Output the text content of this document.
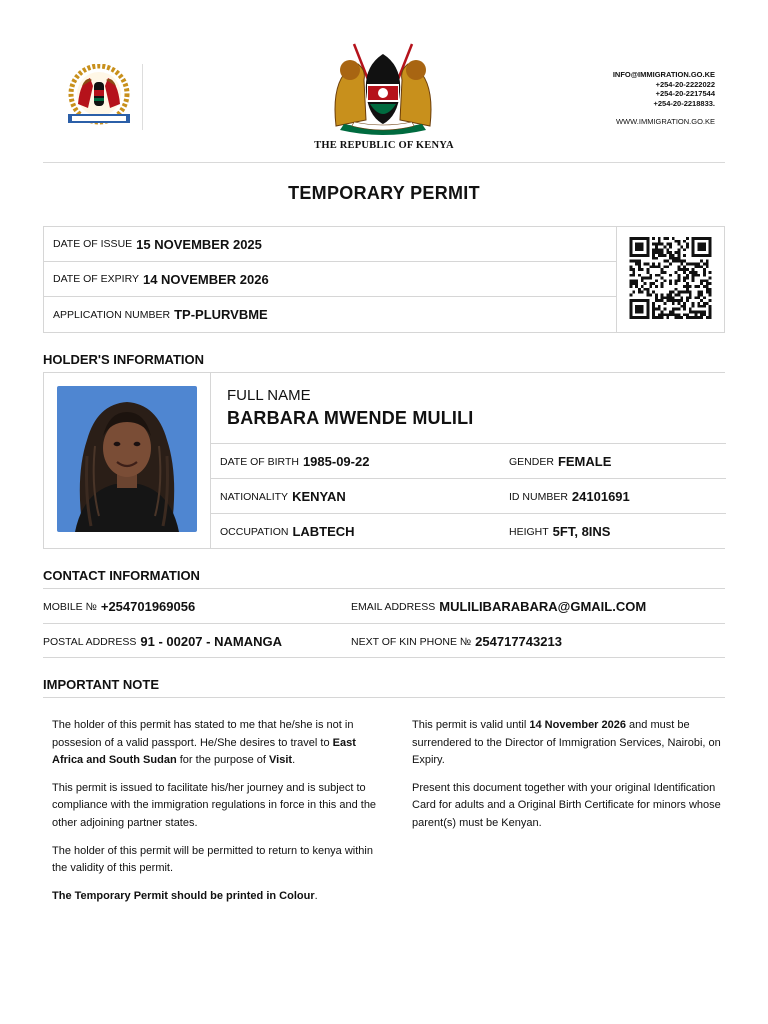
THE REPUBLIC OF KENYA
INFO@IMMIGRATION.GO.KE
+254-20-2222022
+254-20-2217544
+254-20-2218833.
WWW.IMMIGRATION.GO.KE
TEMPORARY PERMIT
DATE OF ISSUE 15 NOVEMBER 2025
DATE OF EXPIRY 14 NOVEMBER 2026
APPLICATION NUMBER TP-PLURVBME
HOLDER'S INFORMATION
FULL NAME
BARBARA MWENDE MULILI
DATE OF BIRTH 1985-09-22	GENDER FEMALE
NATIONALITY KENYAN	ID NUMBER 24101691
OCCUPATION LABTECH	HEIGHT 5FT, 8INS
CONTACT INFORMATION
MOBILE № +254701969056	EMAIL ADDRESS MULILIBARABARA@GMAIL.COM
POSTAL ADDRESS 91 - 00207 - NAMANGA	NEXT OF KIN PHONE № 254717743213
IMPORTANT NOTE

The holder of this permit has stated to me that he/she is not in possesion of a valid passport. He/She desires to travel to East Africa and South Sudan for the purpose of Visit.

This permit is issued to facilitate his/her journey and is subject to compliance with the immigration regulations in force in this and the other adjoining partner states.

The holder of this permit will be permitted to return to kenya within the validity of this permit.

The Temporary Permit should be printed in Colour.

This permit is valid until 14 November 2026 and must be surrendered to the Director of Immigration Services, Nairobi, on Expiry.

Present this document together with your original Identification Card for adults and a Original Birth Certificate for minors whose parent(s) must be Kenyan.
